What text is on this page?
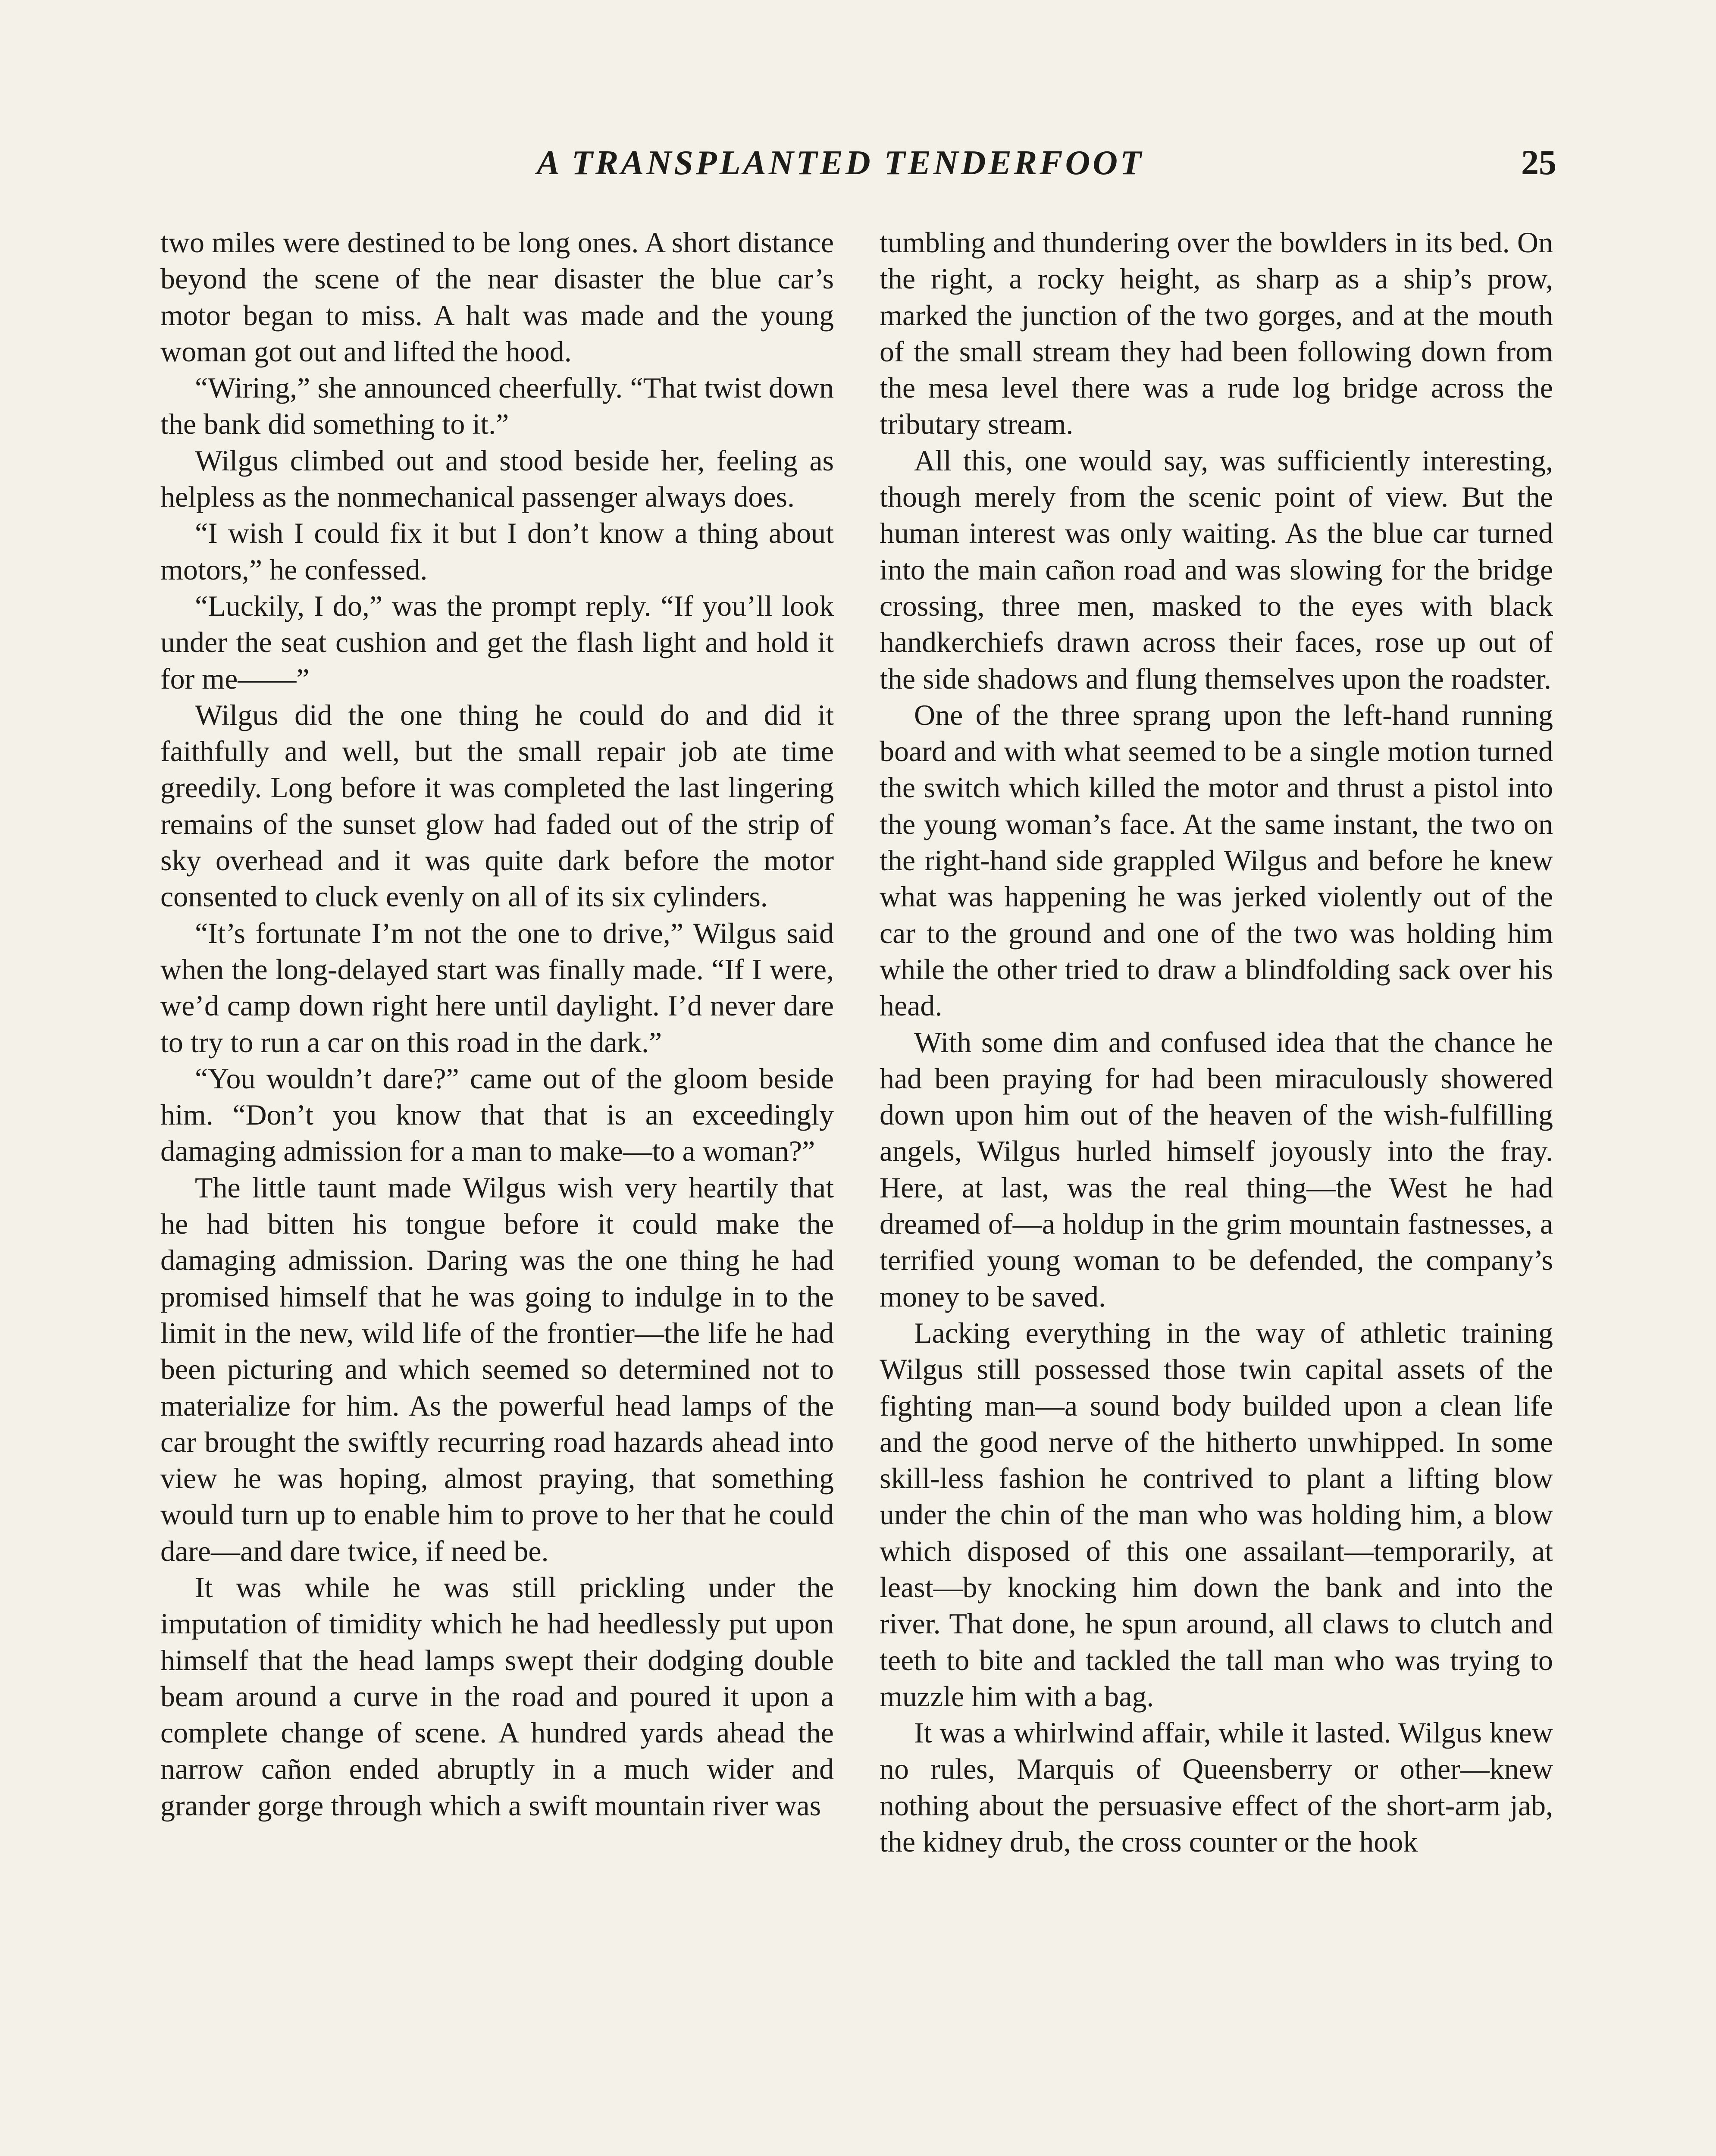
A TRANSPLANTED TENDERFOOT	25

two miles were destined to be long ones. A short distance beyond the scene of the near disaster the blue car’s motor began to miss. A halt was made and the young woman got out and lifted the hood.

“Wiring,” she announced cheerfully. “That twist down the bank did something to it.”

Wilgus climbed out and stood beside her, feeling as helpless as the nonmechanical passenger always does.

“I wish I could fix it but I don’t know a thing about motors,” he confessed.

“Luckily, I do,” was the prompt reply. “If you’ll look under the seat cushion and get the flash light and hold it for me——”

Wilgus did the one thing he could do and did it faithfully and well, but the small repair job ate time greedily. Long before it was completed the last lingering remains of the sunset glow had faded out of the strip of sky overhead and it was quite dark before the motor consented to cluck evenly on all of its six cylinders.

“It’s fortunate I’m not the one to drive,” Wilgus said when the long-delayed start was finally made. “If I were, we’d camp down right here until daylight. I’d never dare to try to run a car on this road in the dark.”

“You wouldn’t dare?” came out of the gloom beside him. “Don’t you know that that is an exceedingly damaging admission for a man to make—to a woman?”

The little taunt made Wilgus wish very heartily that he had bitten his tongue before it could make the damaging admission. Daring was the one thing he had promised himself that he was going to indulge in to the limit in the new, wild life of the frontier—the life he had been picturing and which seemed so determined not to materialize for him. As the powerful head lamps of the car brought the swiftly recurring road hazards ahead into view he was hoping, almost praying, that something would turn up to enable him to prove to her that he could dare—and dare twice, if need be.

It was while he was still prickling under the imputation of timidity which he had heedlessly put upon himself that the head lamps swept their dodging double beam around a curve in the road and poured it upon a complete change of scene. A hundred yards ahead the narrow cañon ended abruptly in a much wider and grander gorge through which a swift mountain river was

tumbling and thundering over the bowlders in its bed. On the right, a rocky height, as sharp as a ship’s prow, marked the junction of the two gorges, and at the mouth of the small stream they had been following down from the mesa level there was a rude log bridge across the tributary stream.

All this, one would say, was sufficiently interesting, though merely from the scenic point of view. But the human interest was only waiting. As the blue car turned into the main cañon road and was slowing for the bridge crossing, three men, masked to the eyes with black handkerchiefs drawn across their faces, rose up out of the side shadows and flung themselves upon the roadster.

One of the three sprang upon the left-hand running board and with what seemed to be a single motion turned the switch which killed the motor and thrust a pistol into the young woman’s face. At the same instant, the two on the right-hand side grappled Wilgus and before he knew what was happening he was jerked violently out of the car to the ground and one of the two was holding him while the other tried to draw a blindfolding sack over his head.

With some dim and confused idea that the chance he had been praying for had been miraculously showered down upon him out of the heaven of the wish-fulfilling angels, Wilgus hurled himself joyously into the fray. Here, at last, was the real thing—the West he had dreamed of—a holdup in the grim mountain fastnesses, a terrified young woman to be defended, the company’s money to be saved.

Lacking everything in the way of athletic training Wilgus still possessed those twin capital assets of the fighting man—a sound body builded upon a clean life and the good nerve of the hitherto unwhipped. In some skill-less fashion he contrived to plant a lifting blow under the chin of the man who was holding him, a blow which disposed of this one assailant—temporarily, at least—by knocking him down the bank and into the river. That done, he spun around, all claws to clutch and teeth to bite and tackled the tall man who was trying to muzzle him with a bag.

It was a whirlwind affair, while it lasted. Wilgus knew no rules, Marquis of Queensberry or other—knew nothing about the persuasive effect of the short-arm jab, the kidney drub, the cross counter or the hook
